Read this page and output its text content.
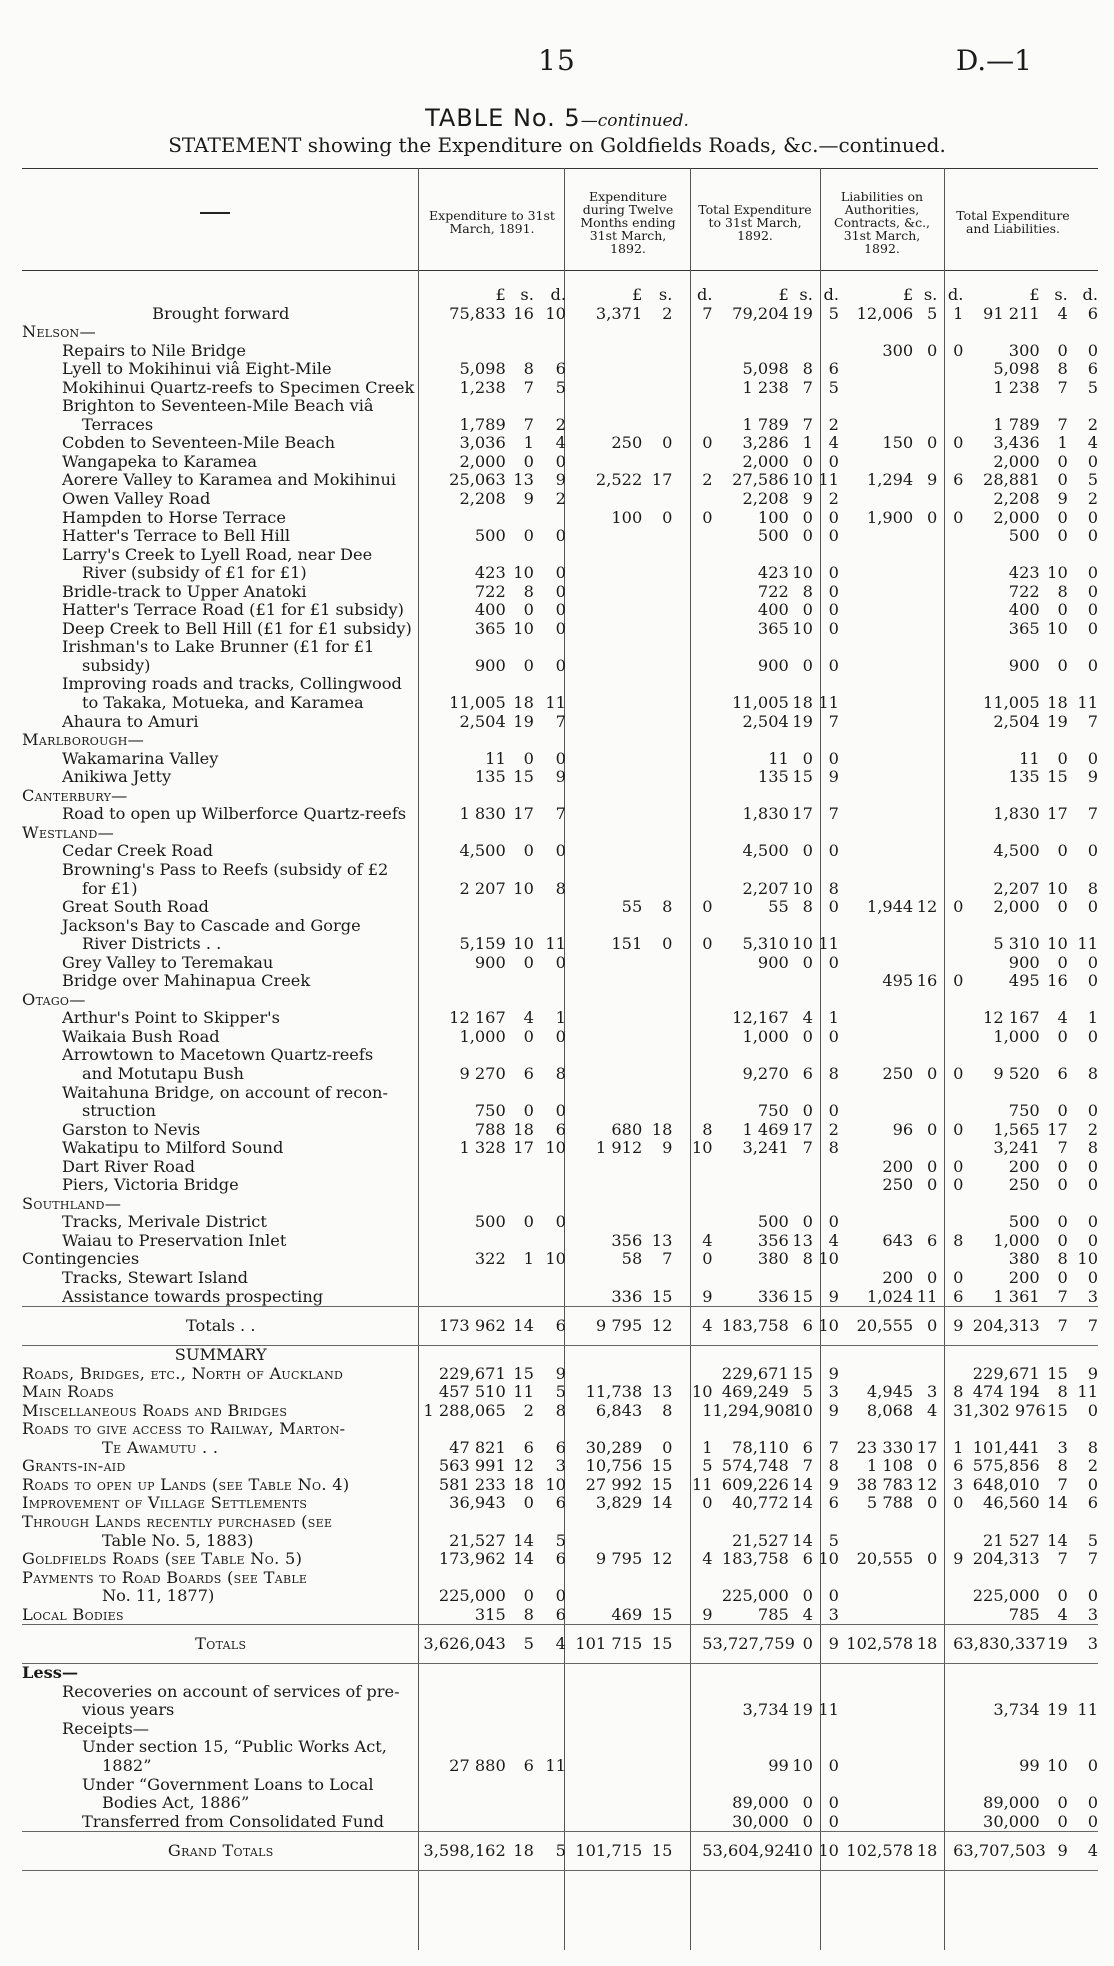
15	D.—1
TABLE No. 5—continued.
STATEMENT showing the Expenditure on Goldfields Roads, &c.—continued.
Expenditure to 31st March, 1891.
Expenditure during Twelve Months ending 31st March, 1892.
Total Expenditure to 31st March, 1892.
Liabilities on Authorities, Contracts, &c., 31st March, 1892.
Total Expenditure and Liabilities.
	£	s.	d.	£	s.	d.	£	s.	d.	£	s.	d.	£	s.	d.
Brought forward	75,833	16	10	3,371	2	7	79,204	19	5	12,006	5	1	91 211	4	6
Nelson—															
Repairs to Nile Bridge										300	0	0	300	0	0
Lyell to Mokihinui viâ Eight-Mile	5,098	8	6				5,098	8	6				5,098	8	6
Mokihinui Quartz-reefs to Specimen Creek	1,238	7	5				1 238	7	5				1 238	7	5
Brighton to Seventeen-Mile Beach viâ															
Terraces	1,789	7	2				1 789	7	2				1 789	7	2
Cobden to Seventeen-Mile Beach	3,036	1	4	250	0	0	3,286	1	4	150	0	0	3,436	1	4
Wangapeka to Karamea	2,000	0	0				2,000	0	0				2,000	0	0
Aorere Valley to Karamea and Mokihinui	25,063	13	9	2,522	17	2	27,586	10	11	1,294	9	6	28,881	0	5
Owen Valley Road	2,208	9	2				2,208	9	2				2,208	9	2
Hampden to Horse Terrace				100	0	0	100	0	0	1,900	0	0	2,000	0	0
Hatter's Terrace to Bell Hill	500	0	0				500	0	0				500	0	0
Larry's Creek to Lyell Road, near Dee															
River (subsidy of £1 for £1)	423	10	0				423	10	0				423	10	0
Bridle-track to Upper Anatoki	722	8	0				722	8	0				722	8	0
Hatter's Terrace Road (£1 for £1 subsidy)	400	0	0				400	0	0				400	0	0
Deep Creek to Bell Hill (£1 for £1 subsidy)	365	10	0				365	10	0				365	10	0
Irishman's to Lake Brunner (£1 for £1															
subsidy)	900	0	0				900	0	0				900	0	0
Improving roads and tracks, Collingwood															
to Takaka, Motueka, and Karamea	11,005	18	11				11,005	18	11				11,005	18	11
Ahaura to Amuri	2,504	19	7				2,504	19	7				2,504	19	7
Marlborough—															
Wakamarina Valley	11	0	0				11	0	0				11	0	0
Anikiwa Jetty	135	15	9				135	15	9				135	15	9
Canterbury—															
Road to open up Wilberforce Quartz-reefs	1 830	17	7				1,830	17	7				1,830	17	7
Westland—															
Cedar Creek Road	4,500	0	0				4,500	0	0				4,500	0	0
Browning's Pass to Reefs (subsidy of £2															
for £1)	2 207	10	8				2,207	10	8				2,207	10	8
Great South Road				55	8	0	55	8	0	1,944	12	0	2,000	0	0
Jackson's Bay to Cascade and Gorge															
River Districts . .	5,159	10	11	151	0	0	5,310	10	11				5 310	10	11
Grey Valley to Teremakau	900	0	0				900	0	0				900	0	0
Bridge over Mahinapua Creek										495	16	0	495	16	0
Otago—															
Arthur's Point to Skipper's	12 167	4	1				12,167	4	1				12 167	4	1
Waikaia Bush Road	1,000	0	0				1,000	0	0				1,000	0	0
Arrowtown to Macetown Quartz-reefs															
and Motutapu Bush	9 270	6	8				9,270	6	8	250	0	0	9 520	6	8
Waitahuna Bridge, on account of recon-															
struction	750	0	0				750	0	0				750	0	0
Garston to Nevis	788	18	6	680	18	8	1 469	17	2	96	0	0	1,565	17	2
Wakatipu to Milford Sound	1 328	17	10	1 912	9	10	3,241	7	8				3,241	7	8
Dart River Road										200	0	0	200	0	0
Piers, Victoria Bridge										250	0	0	250	0	0
Southland—															
Tracks, Merivale District	500	0	0				500	0	0				500	0	0
Waiau to Preservation Inlet				356	13	4	356	13	4	643	6	8	1,000	0	0
Contingencies	322	1	10	58	7	0	380	8	10				380	8	10
Tracks, Stewart Island										200	0	0	200	0	0
Assistance towards prospecting				336	15	9	336	15	9	1,024	11	6	1 361	7	3
Totals . .	173 962	14	6	9 795	12	4	183,758	6	10	20,555	0	9	204,313	7	7
SUMMARY															
Roads, Bridges, etc., North of Auckland	229,671	15	9				229,671	15	9				229,671	15	9
Main Roads	457 510	11	5	11,738	13	10	469,249	5	3	4,945	3	8	474 194	8	11
Miscellaneous Roads and Bridges	1 288,065	2	8	6,843	8	1	1,294,908	10	9	8,068	4	3	1,302 976	15	0
Roads to give access to Railway, Marton-															
Te Awamutu . .	47 821	6	6	30,289	0	1	78,110	6	7	23 330	17	1	101,441	3	8
Grants-in-aid	563 991	12	3	10,756	15	5	574,748	7	8	1 108	0	6	575,856	8	2
Roads to open up Lands (see Table No. 4)	581 233	18	10	27 992	15	11	609,226	14	9	38 783	12	3	648,010	7	0
Improvement of Village Settlements	36,943	0	6	3,829	14	0	40,772	14	6	5 788	0	0	46,560	14	6
Through Lands recently purchased (see															
Table No. 5, 1883)	21,527	14	5				21,527	14	5				21 527	14	5
Goldfields Roads (see Table No. 5)	173,962	14	6	9 795	12	4	183,758	6	10	20,555	0	9	204,313	7	7
Payments to Road Boards (see Table															
No. 11, 1877)	225,000	0	0				225,000	0	0				225,000	0	0
Local Bodies	315	8	6	469	15	9	785	4	3				785	4	3
Totals	3,626,043	5	4	101 715	15	5	3,727,759	0	9	102,578	18	6	3,830,337	19	3
Less—															
Recoveries on account of services of pre-															
vious years							3,734	19	11				3,734	19	11
Receipts—															
Under section 15, “Public Works Act,															
1882”	27 880	6	11				99	10	0				99	10	0
Under “Government Loans to Local															
Bodies Act, 1886”							89,000	0	0				89,000	0	0
Transferred from Consolidated Fund							30,000	0	0				30,000	0	0
Grand Totals	3,598,162	18	5	101,715	15	5	3,604,924	10	10	102,578	18	6	3,707,503	9	4
